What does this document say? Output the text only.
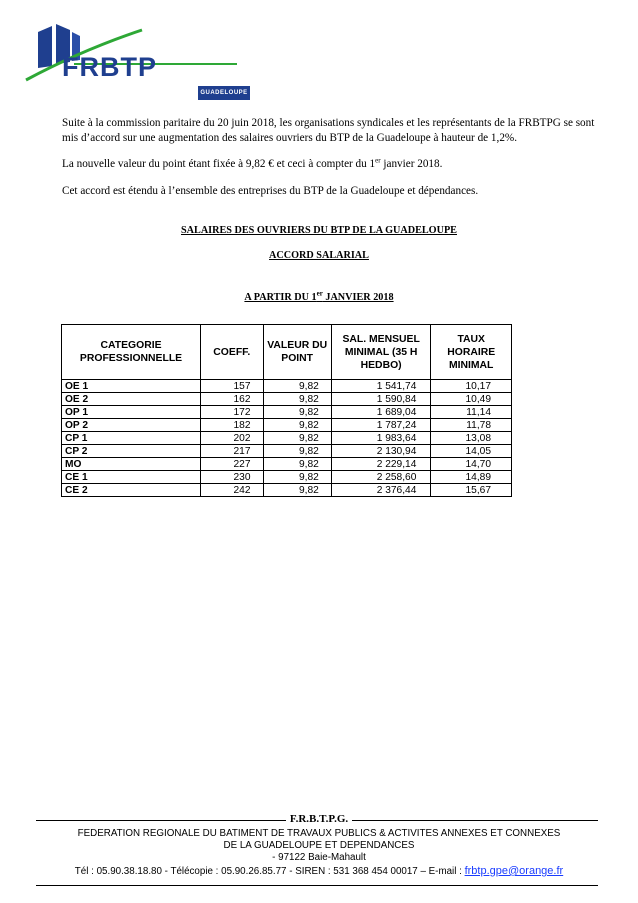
FRBTP
GUADELOUPE

Suite à la commission paritaire du 20 juin 2018, les organisations syndicales et les représentants de la FRBTPG se sont mis d’accord sur une augmentation des salaires ouvriers du BTP de la Guadeloupe à hauteur de 1,2%.

La nouvelle valeur du point étant fixée à 9,82 € et ceci à compter du 1er janvier 2018.

Cet accord est étendu à l’ensemble des entreprises du BTP de la Guadeloupe et dépendances.

SALAIRES DES OUVRIERS DU BTP DE LA GUADELOUPE

ACCORD SALARIAL

A PARTIR DU 1er JANVIER 2018

CATEGORIE PROFESSIONNELLE	COEFF.	VALEUR DU POINT	SAL. MENSUEL MINIMAL (35 H HEDBO)	TAUX HORAIRE MINIMAL
OE 1	157	9,82	1 541,74	10,17
OE 2	162	9,82	1 590,84	10,49
OP 1	172	9,82	1 689,04	11,14
OP 2	182	9,82	1 787,24	11,78
CP 1	202	9,82	1 983,64	13,08
CP 2	217	9,82	2 130,94	14,05
MO	227	9,82	2 229,14	14,70
CE 1	230	9,82	2 258,60	14,89
CE 2	242	9,82	2 376,44	15,67
F.R.B.T.P.G.

FEDERATION REGIONALE DU BATIMENT DE TRAVAUX PUBLICS & ACTIVITES ANNEXES ET CONNEXES

DE LA GUADELOUPE ET DEPENDANCES

- 97122 Baie-Mahault

Tél : 05.90.38.18.80 - Télécopie : 05.90.26.85.77 - SIREN : 531 368 454 00017 – E-mail : frbtp.gpe@orange.fr
